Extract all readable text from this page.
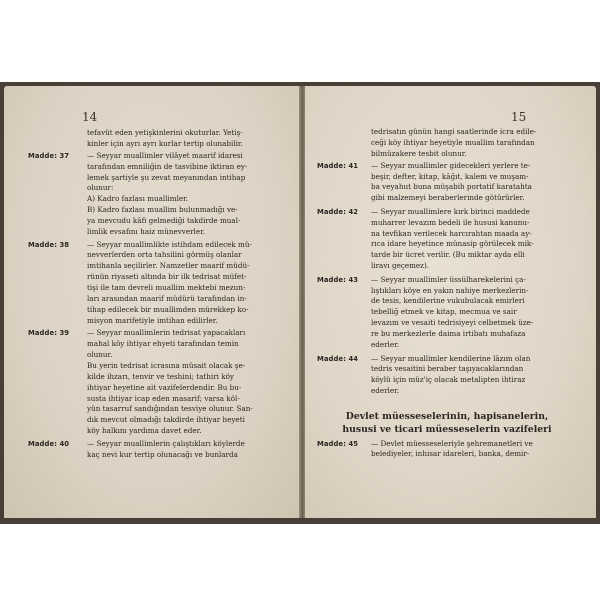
14
tefavüt eden yetişkinlerini okuturlar. Yetiş-
kinler için ayrı ayrı kurlar tertip olunabilir.
Madde: 37 — Seyyar muallimler vilâyet maarif idaresi
tarafından emniliğin de tasvibine iktiran ey-
lemek şartiyle şu zevat meyanından intihap
olunur:
A) Kadro fazlası muallimler.
B) Kadro fazlası muallim bulunmadığı ve-
ya mevcudu kâfi gelmediği takdirde mual-
limlik evsafını haiz münevverler.
Madde: 38 — Seyyar muallimlikte istihdam edilecek mü-
nevverlerden orta tahsilini görmüş olanlar
imtihanla seçilirler. Namzetler maarif müdü-
rünün riyaseti altında bir ilk tedrisat müfet-
tişi ile tam devreli muallim mektebi mezun-
ları arasından maarif müdürü tarafından in-
tihap edilecek bir muallimden mürekkep ko-
misyon marifetiyle imtihan edilirler.
Madde: 39 — Seyyar muallimlerin tedrisat yapacakları
mahal köy ihtiyar ehyeti tarafından temin
olunur.
Bu yerin tedrisat icrasına müsait olacak şe-
kilde ihzarı, tenvir ve teshini; tathiri köy
ihtiyar heyetine ait vazifelerdendir. Bu bu-
susta ihtiyar icap eden masarif; varsa köl-
yün tasarruf sandığından tesviye olunur. San-
dık mevcut olmadığı takdirde ihtiyar heyeti
köy halkını yardıma davet eder.
Madde: 40 — Seyyar muallimlerin çalıştıkları köylerde
kaç nevi kur tertip olunacağı ve bunlarda
15
tedrisatın günün hangi saatlerinde icra edile-
ceği köy ihtiyar heyetiyle muallim tarafından
bilmüzakere tesbit olunur.
Madde: 41 — Seyyar muallimler gidecekleri yerlere te-
beşir, defter, kitap, kâğıt, kalem ve muşam-
ba veyahut buna müşabih portatif karatahta
gibi malzemeyi beraberlerinde götürürler.
Madde: 42 — Seyyar muallimlere kırk birinci maddede
muharrer levazım bedeli ile hususi kanunu-
na tevfikan verilecek harcırahtan maada ay-
rıca idare heyetince münasip görülecek mik-
tarde bir ücret verilir. (Bu miktar ayda elli
liravı geçemez).
Madde: 43 — Seyyar muallimler üssülharekelerini ça-
lıştıkları köye en yakın nahiye merkezlerin-
de tesis, kendilerine vukubulacak emirleri
tebelliğ etmek ve kitap, mecmua ve sair
levazım ve vesaiti tedrisiyeyi celbetmek üze-
re bu merkezlerle daima irtibatı muhafaza
ederler.
Madde: 44 — Seyyar muallimler kendilerine lâzım olan
tedris vesaitini beraber taşıyacaklarından
köylü için müz'iç olacak metalipten ihtiraz
ederler.
Devlet müesseselerinin, hapisanelerin,
hususi ve ticari müesseselerin vazifeleri
Madde: 45 — Devlet müesseseleriyle şehremanetleri ve
belediyeler, inhisar idareleri, banka, demir-
